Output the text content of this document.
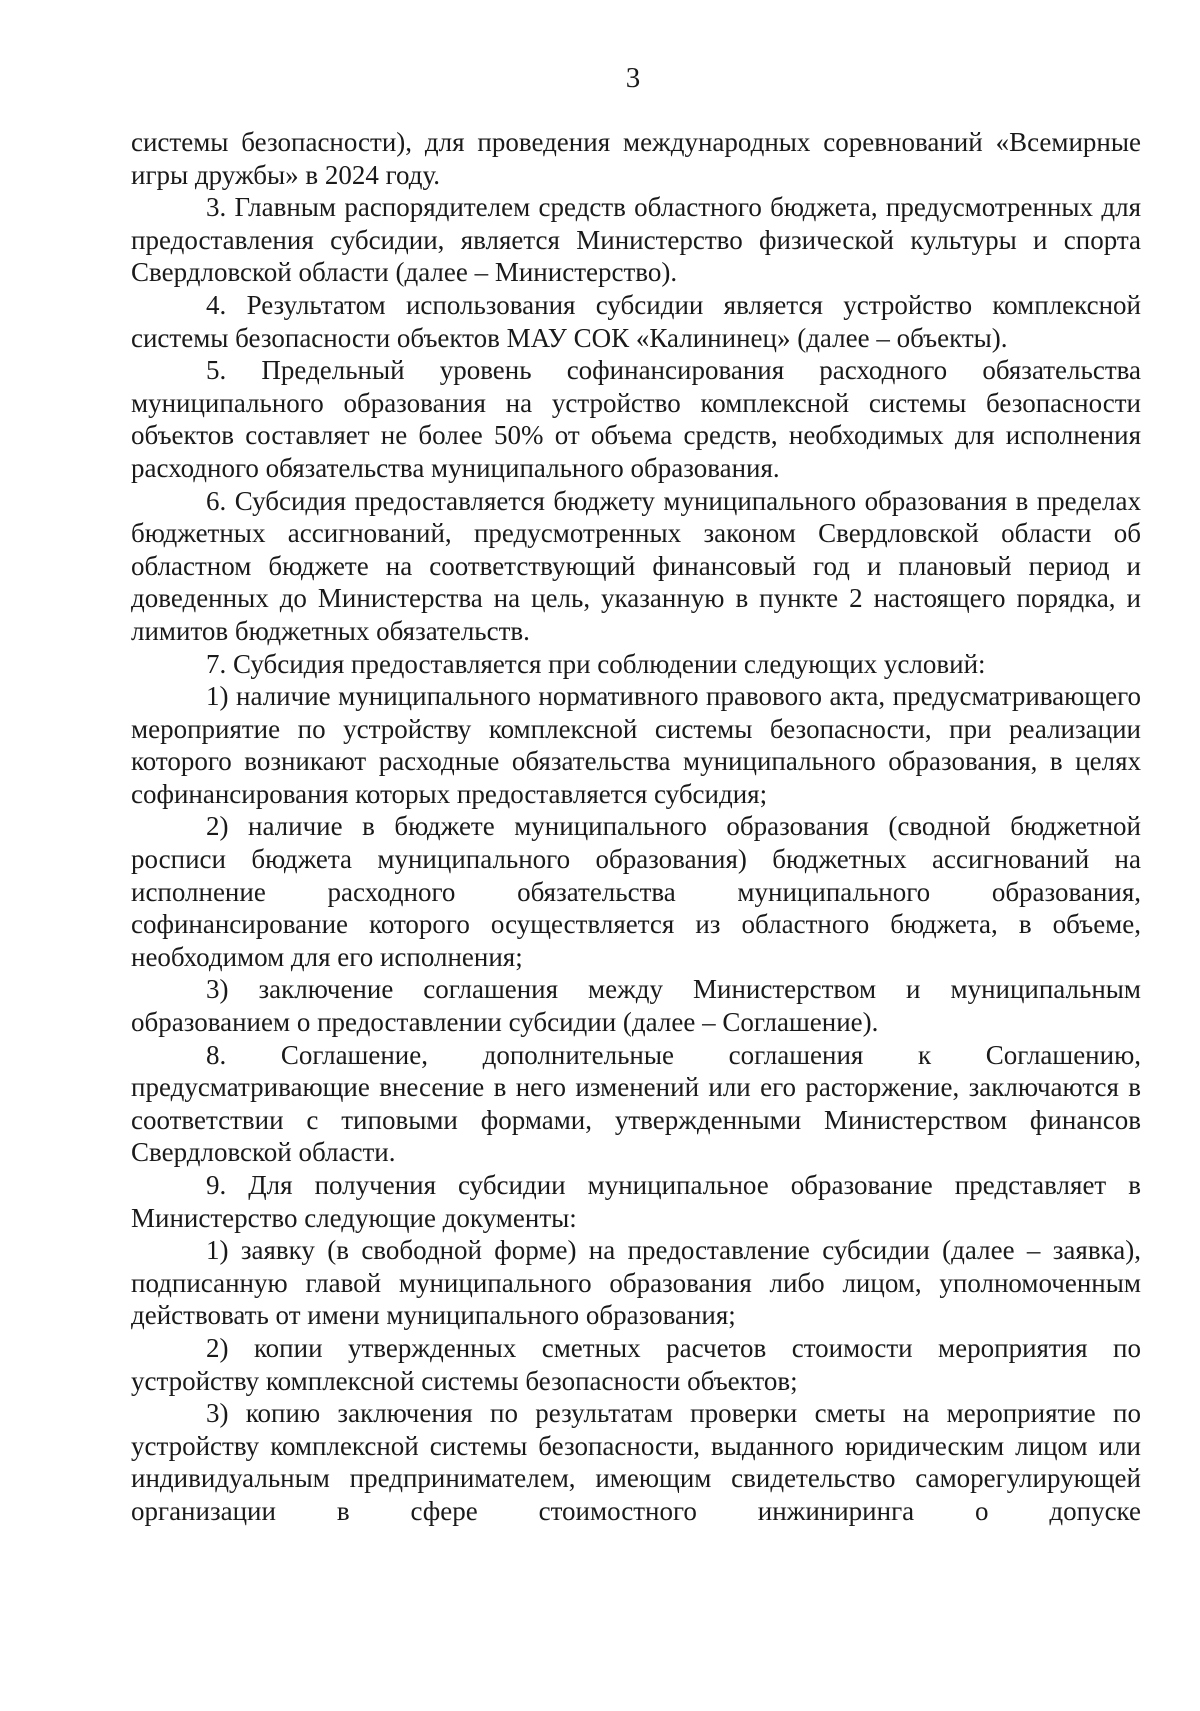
3

системы безопасности), для проведения международных соревнований «Всемирные игры дружбы» в 2024 году.

3. Главным распорядителем средств областного бюджета, предусмотренных для предоставления субсидии, является Министерство физической культуры и спорта Свердловской области (далее – Министерство).

4. Результатом использования субсидии является устройство комплексной системы безопасности объектов МАУ СОК «Калининец» (далее – объекты).

5. Предельный уровень софинансирования расходного обязательства муниципального образования на устройство комплексной системы безопасности объектов составляет не более 50% от объема средств, необходимых для исполнения расходного обязательства муниципального образования.

6. Субсидия предоставляется бюджету муниципального образования в пределах бюджетных ассигнований, предусмотренных законом Свердловской области об областном бюджете на соответствующий финансовый год и плановый период и доведенных до Министерства на цель, указанную в пункте 2 настоящего порядка, и лимитов бюджетных обязательств.

7. Субсидия предоставляется при соблюдении следующих условий:

1) наличие муниципального нормативного правового акта, предусматривающего мероприятие по устройству комплексной системы безопасности, при реализации которого возникают расходные обязательства муниципального образования, в целях софинансирования которых предоставляется субсидия;

2) наличие в бюджете муниципального образования (сводной бюджетной росписи бюджета муниципального образования) бюджетных ассигнований на исполнение расходного обязательства муниципального образования, софинансирование которого осуществляется из областного бюджета, в объеме, необходимом для его исполнения;

3) заключение соглашения между Министерством и муниципальным образованием о предоставлении субсидии (далее – Соглашение).

8. Соглашение, дополнительные соглашения к Соглашению, предусматривающие внесение в него изменений или его расторжение, заключаются в соответствии с типовыми формами, утвержденными Министерством финансов Свердловской области.

9. Для получения субсидии муниципальное образование представляет в Министерство следующие документы:

1) заявку (в свободной форме) на предоставление субсидии (далее – заявка), подписанную главой муниципального образования либо лицом, уполномоченным действовать от имени муниципального образования;

2) копии утвержденных сметных расчетов стоимости мероприятия по устройству комплексной системы безопасности объектов;

3) копию заключения по результатам проверки сметы на мероприятие по устройству комплексной системы безопасности, выданного юридическим лицом или индивидуальным предпринимателем, имеющим свидетельство саморегулирующей организации в сфере стоимостного инжиниринга о допуске
